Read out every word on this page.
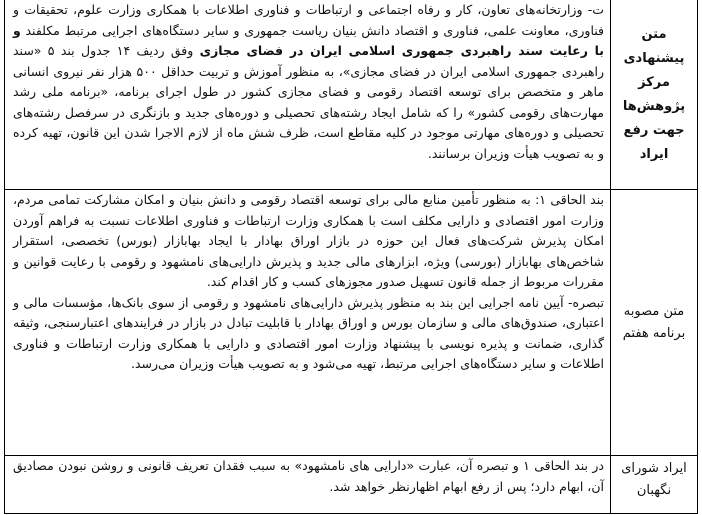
متن پیشنهادی مرکز پژوهش‌ها جهت رفع ایراد	ت- وزارتخانه‌های تعاون، کار و رفاه اجتماعی و ارتباطات و فناوری اطلاعات با همکاری وزارت علوم، تحقیقات و فناوری، معاونت علمی، فناوری و اقتصاد دانش بنیان ریاست جمهوری و سایر دستگاه‌های اجرایی مرتبط مکلفند و با رعایت سند راهبردی جمهوری اسلامی ایران در فضای مجازی وفق ردیف ۱۴ جدول بند ۵ «سند راهبردی جمهوری اسلامی ایران در فضای مجازی»، به منظور آموزش و تربیت حداقل ۵۰۰ هزار نفر نیروی انسانی ماهر و متخصص برای توسعه اقتصاد رقومی و فضای مجازی کشور در طول اجرای برنامه، «برنامه ملی رشد مهارت‌های رقومی کشور» را که شامل ایجاد رشته‌های تحصیلی و دوره‌های جدید و بازنگری در سرفصل رشته‌های تحصیلی و دوره‌های مهارتی موجود در کلیه مقاطع است، ظرف شش ماه از لازم الاجرا شدن این قانون، تهیه کرده و به تصویب هیأت وزیران برسانند.

متن مصوبه برنامه هفتم	بند الحاقی ۱: به منظور تأمین منابع مالی برای توسعه اقتصاد رقومی و دانش بنیان و امکان مشارکت تمامی مردم، وزارت امور اقتصادی و دارایی مکلف است با همکاری وزارت ارتباطات و فناوری اطلاعات نسبت به فراهم آوردن امکان پذیرش شرکت‌های فعال این حوزه در بازار اوراق بهادار با ایجاد بهابازار (بورس) تخصصی، استقرار شاخص‌های بهابازار (بورسی) ویژه، ابزارهای مالی جدید و پذیرش دارایی‌های نامشهود و رقومی با رعایت قوانین و مقررات مربوط از جمله قانون تسهیل صدور مجوزهای کسب و کار اقدام کند.

تبصره- آیین نامه اجرایی این بند به منظور پذیرش دارایی‌های نامشهود و رقومی از سوی بانک‌ها، مؤسسات مالی و اعتباری، صندوق‌های مالی و سازمان بورس و اوراق بهادار با قابلیت تبادل در بازار در فرایندهای اعتبارسنجی، وثیقه گذاری، ضمانت و پذیره نویسی با پیشنهاد وزارت امور اقتصادی و دارایی با همکاری وزارت ارتباطات و فناوری اطلاعات و سایر دستگاه‌های اجرایی مرتبط، تهیه می‌شود و به تصویب هیأت وزیران می‌رسد.

ایراد شورای نگهبان	در بند الحاقی ۱ و تبصره آن، عبارت «دارایی های نامشهود» به سبب فقدان تعریف قانونی و روشن نبودن مصادیق آن، ابهام دارد؛ پس از رفع ابهام اظهارنظر خواهد شد.
